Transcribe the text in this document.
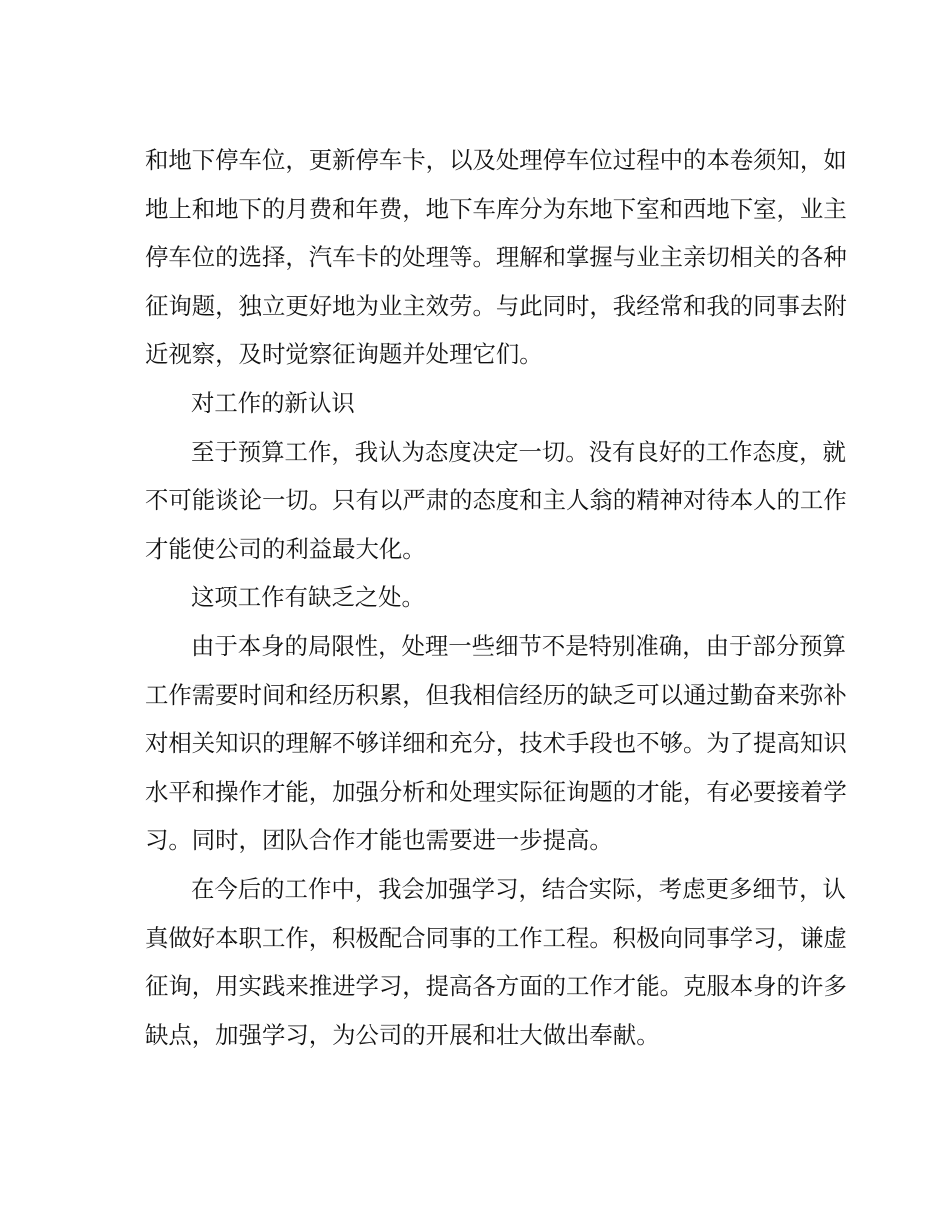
和地下停车位，更新停车卡，以及处理停车位过程中的本卷须知，如
地上和地下的月费和年费，地下车库分为东地下室和西地下室，业主
停车位的选择，汽车卡的处理等。理解和掌握与业主亲切相关的各种
征询题，独立更好地为业主效劳。与此同时，我经常和我的同事去附
近视察，及时觉察征询题并处理它们。
对工作的新认识
至于预算工作，我认为态度决定一切。没有良好的工作态度，就
不可能谈论一切。只有以严肃的态度和主人翁的精神对待本人的工作
才能使公司的利益最大化。
这项工作有缺乏之处。
由于本身的局限性，处理一些细节不是特别准确，由于部分预算
工作需要时间和经历积累，但我相信经历的缺乏可以通过勤奋来弥补
对相关知识的理解不够详细和充分，技术手段也不够。为了提高知识
水平和操作才能，加强分析和处理实际征询题的才能，有必要接着学
习。同时，团队合作才能也需要进一步提高。
在今后的工作中，我会加强学习，结合实际，考虑更多细节，认
真做好本职工作，积极配合同事的工作工程。积极向同事学习，谦虚
征询，用实践来推进学习，提高各方面的工作才能。克服本身的许多
缺点，加强学习，为公司的开展和壮大做出奉献。
